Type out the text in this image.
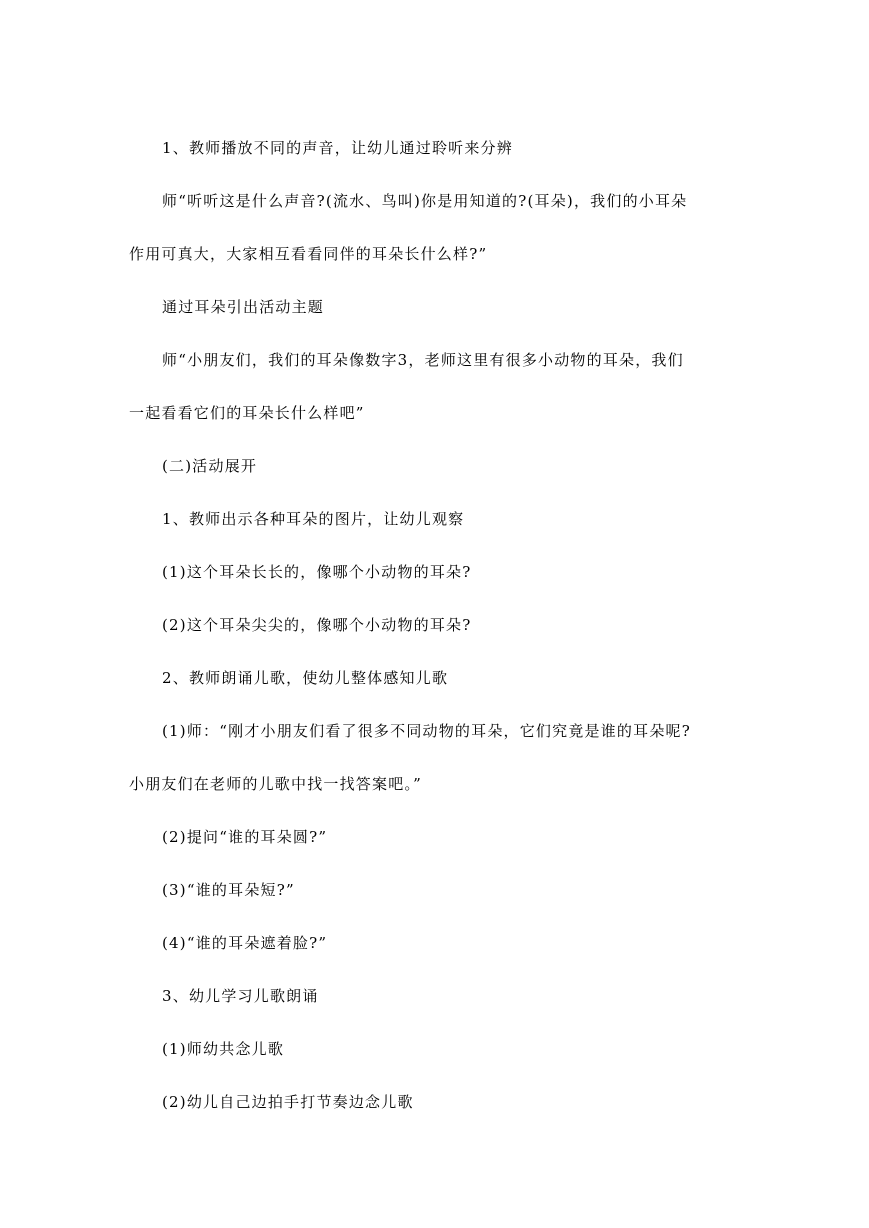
1、教师播放不同的声音，让幼儿通过聆听来分辨
师“听听这是什么声音?(流水、鸟叫)你是用知道的?(耳朵)，我们的小耳朵
作用可真大，大家相互看看同伴的耳朵长什么样?”
通过耳朵引出活动主题
师“小朋友们，我们的耳朵像数字3，老师这里有很多小动物的耳朵，我们
一起看看它们的耳朵长什么样吧”
(二)活动展开
1、教师出示各种耳朵的图片，让幼儿观察
(1)这个耳朵长长的，像哪个小动物的耳朵?
(2)这个耳朵尖尖的，像哪个小动物的耳朵?
2、教师朗诵儿歌，使幼儿整体感知儿歌
(1)师：“刚才小朋友们看了很多不同动物的耳朵，它们究竟是谁的耳朵呢?
小朋友们在老师的儿歌中找一找答案吧。”
(2)提问“谁的耳朵圆?”
(3)“谁的耳朵短?”
(4)“谁的耳朵遮着脸?”
3、幼儿学习儿歌朗诵
(1)师幼共念儿歌
(2)幼儿自己边拍手打节奏边念儿歌
